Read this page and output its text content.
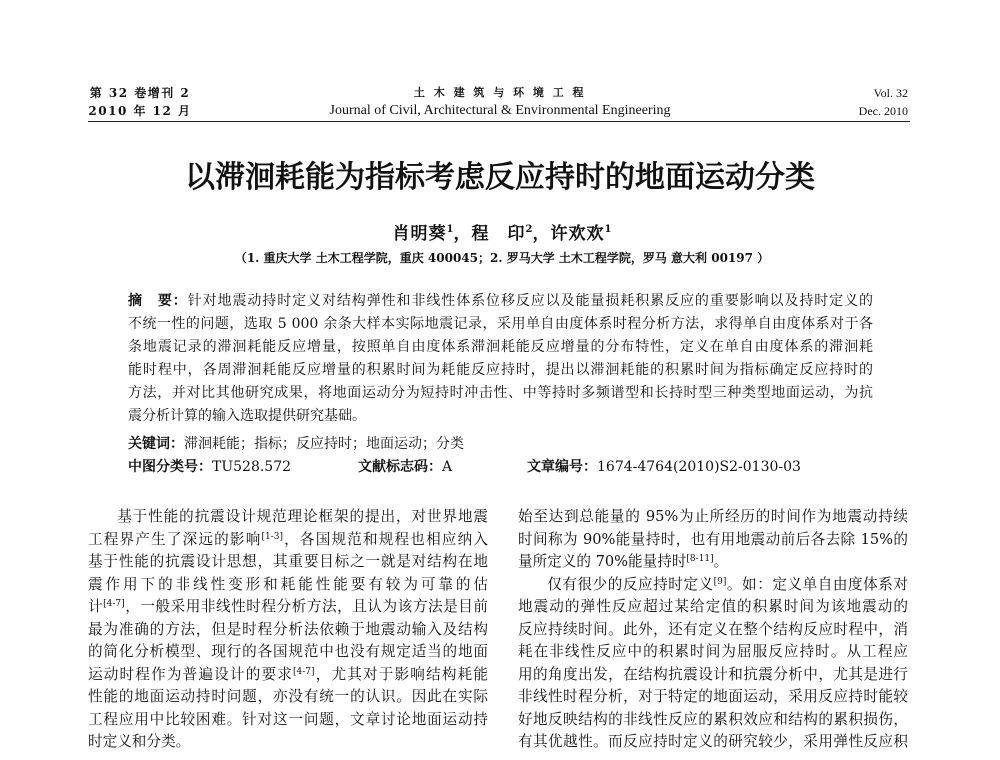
第 32 卷增刊 2
2010 年 12 月
土 木 建 筑 与 环 境 工 程
Journal of Civil, Architectural & Environmental Engineering
Vol. 32
Dec. 2010
以滞洄耗能为指标考虑反应持时的地面运动分类
肖明葵$^1$，程　印$^2$，许欢欢$^1$
（1. 重庆大学 土木工程学院，重庆 400045；2. 罗马大学 土木工程学院，罗马 意大利 00197 ）
摘　要：针对地震动持时定义对结构弹性和非线性体系位移反应以及能量损耗积累反应的重要影响以及持时定义的
不统一性的问题，选取 5 000 余条大样本实际地震记录，采用单自由度体系时程分析方法，求得单自由度体系对于各
条地震记录的滞洄耗能反应增量，按照单自由度体系滞洄耗能反应增量的分布特性，定义在单自由度体系的滞洄耗
能时程中，各周滞洄耗能反应增量的积累时间为耗能反应持时，提出以滞洄耗能的积累时间为指标确定反应持时的
方法，并对比其他研究成果，将地面运动分为短持时冲击性、中等持时多频谱型和长持时型三种类型地面运动，为抗
震分析计算的输入选取提供研究基础。
关键词：滞洄耗能；指标；反应持时；地面运动；分类
中图分类号：TU528.572	文献标志码：A	文章编号：1674-4764(2010)S2-0130-03
基于性能的抗震设计规范理论框架的提出，对世界地震
工程界产生了深远的影响[1-3]，各国规范和规程也相应纳入
基于性能的抗震设计思想，其重要目标之一就是对结构在地
震作用下的非线性变形和耗能性能要有较为可靠的估
计[4-7]，一般采用非线性时程分析方法，且认为该方法是目前
最为准确的方法，但是时程分析法依赖于地震动输入及结构
的简化分析模型、现行的各国规范中也没有规定适当的地面
运动时程作为普遍设计的要求[4-7]，尤其对于影响结构耗能
性能的地面运动持时问题，亦没有统一的认识。因此在实际
工程应用中比较困难。针对这一问题，文章讨论地面运动持
时定义和分类。
始至达到总能量的 95%为止所经历的时间作为地震动持续
时间称为 90%能量持时，也有用地震动前后各去除 15%的
量所定义的 70%能量持时[8-11]。
仅有很少的反应持时定义[9]。如：定义单自由度体系对
地震动的弹性反应超过某给定值的积累时间为该地震动的
反应持续时间。此外，还有定义在整个结构反应时程中，消
耗在非线性反应中的积累时间为屈服反应持时。从工程应
用的角度出发，在结构抗震设计和抗震分析中，尤其是进行
非线性时程分析，对于特定的地面运动，采用反应持时能较
好地反映结构的非线性反应的累积效应和结构的累积损伤，
有其优越性。而反应持时定义的研究较少，采用弹性反应积
